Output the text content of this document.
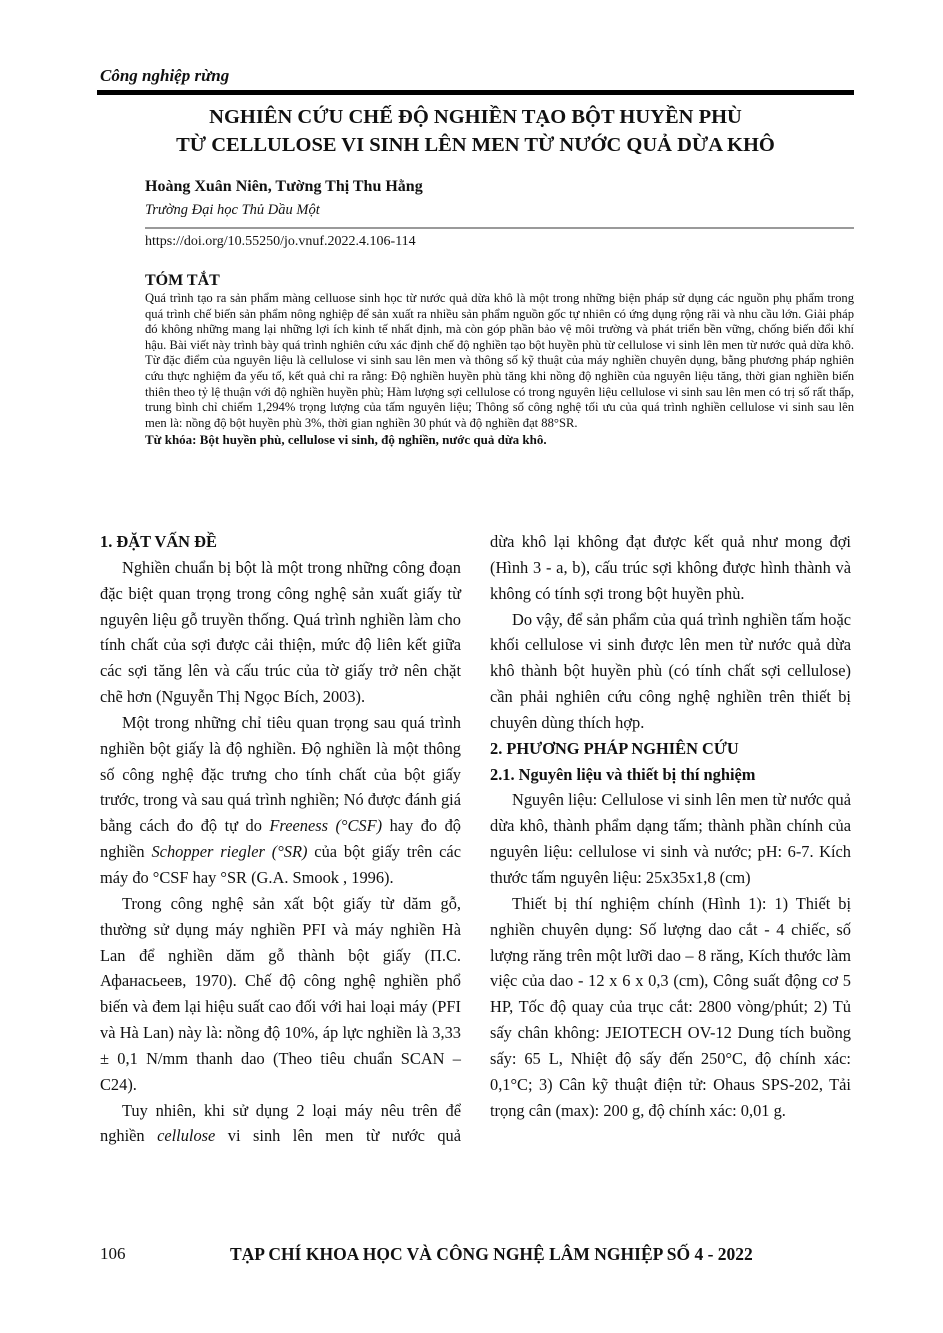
Công nghiệp rừng
NGHIÊN CỨU CHẾ ĐỘ NGHIỀN TẠO BỘT HUYỀN PHÙ
TỪ CELLULOSE VI SINH LÊN MEN TỪ NƯỚC QUẢ DỪA KHÔ
Hoàng Xuân Niên, Tường Thị Thu Hằng
Trường Đại học Thủ Dầu Một
https://doi.org/10.55250/jo.vnuf.2022.4.106-114
TÓM TẮT
Quá trình tạo ra sản phẩm màng celluose sinh học từ nước quả dừa khô là một trong những biện pháp sử dụng các nguồn phụ phẩm trong quá trình chế biến sản phẩm nông nghiệp để sản xuất ra nhiều sản phẩm nguồn gốc tự nhiên có ứng dụng rộng rãi và nhu cầu lớn. Giải pháp đó không những mang lại những lợi ích kinh tế nhất định, mà còn góp phần bảo vệ môi trường và phát triển bền vững, chống biến đổi khí hậu. Bài viết này trình bày quá trình nghiên cứu xác định chế độ nghiền tạo bột huyền phù từ cellulose vi sinh lên men từ nước quả dừa khô. Từ đặc điểm của nguyên liệu là cellulose vi sinh sau lên men và thông số kỹ thuật của máy nghiền chuyên dụng, bằng phương pháp nghiên cứu thực nghiệm đa yếu tố, kết quả chỉ ra rằng: Độ nghiền huyền phù tăng khi nồng độ nghiền của nguyên liệu tăng, thời gian nghiền biến thiên theo tỷ lệ thuận với độ nghiền huyền phù; Hàm lượng sợi cellulose có trong nguyên liệu cellulose vi sinh sau lên men có trị số rất thấp, trung bình chỉ chiếm 1,294% trọng lượng của tấm nguyên liệu; Thông số công nghệ tối ưu của quá trình nghiền cellulose vi sinh sau lên men là: nồng độ bột huyền phù 3%, thời gian nghiền 30 phút và độ nghiền đạt 88°SR.
Từ khóa: Bột huyền phù, cellulose vi sinh, độ nghiền, nước quả dừa khô.
1. ĐẶT VẤN ĐỀ

Nghiền chuẩn bị bột là một trong những công đoạn đặc biệt quan trọng trong công nghệ sản xuất giấy từ nguyên liệu gỗ truyền thống. Quá trình nghiền làm cho tính chất của sợi được cải thiện, mức độ liên kết giữa các sợi tăng lên và cấu trúc của tờ giấy trở nên chặt chẽ hơn (Nguyễn Thị Ngọc Bích, 2003).

Một trong những chỉ tiêu quan trọng sau quá trình nghiền bột giấy là độ nghiền. Độ nghiền là một thông số công nghệ đặc trưng cho tính chất của bột giấy trước, trong và sau quá trình nghiền; Nó được đánh giá bằng cách đo độ tự do Freeness (°CSF) hay đo độ nghiền Schopper riegler (°SR) của bột giấy trên các máy đo °CSF hay °SR (G.A. Smook , 1996).

Trong công nghệ sản xất bột giấy từ dăm gỗ, thường sử dụng máy nghiền PFI và máy nghiền Hà Lan để nghiền dăm gỗ thành bột giấy (П.С. Афанасьеев, 1970). Chế độ công nghệ nghiền phổ biến và đem lại hiệu suất cao đối với hai loại máy (PFI và Hà Lan) này là: nồng độ 10%, áp lực nghiền là 3,33 ± 0,1 N/mm thanh dao (Theo tiêu chuẩn SCAN – C24).

Tuy nhiên, khi sử dụng 2 loại máy nêu trên để nghiền cellulose vi sinh lên men từ nước quả

dừa khô lại không đạt được kết quả như mong đợi (Hình 3 - a, b), cấu trúc sợi không được hình thành và không có tính sợi trong bột huyền phù.

Do vậy, để sản phẩm của quá trình nghiền tấm hoặc khối cellulose vi sinh được lên men từ nước quả dừa khô thành bột huyền phù (có tính chất sợi cellulose) cần phải nghiên cứu công nghệ nghiền trên thiết bị chuyên dùng thích hợp.

2. PHƯƠNG PHÁP NGHIÊN CỨU
2.1. Nguyên liệu và thiết bị thí nghiệm

Nguyên liệu: Cellulose vi sinh lên men từ nước quả dừa khô, thành phẩm dạng tấm; thành phần chính của nguyên liệu: cellulose vi sinh và nước; pH: 6-7. Kích thước tấm nguyên liệu: 25x35x1,8 (cm)

Thiết bị thí nghiệm chính (Hình 1): 1) Thiết bị nghiền chuyên dụng: Số lượng dao cắt - 4 chiếc, số lượng răng trên một lưỡi dao – 8 răng, Kích thước làm việc của dao - 12 x 6 x 0,3 (cm), Công suất động cơ 5 HP, Tốc độ quay của trục cắt: 2800 vòng/phút; 2) Tủ sấy chân không: JEIOTECH OV-12 Dung tích buồng sấy: 65 L, Nhiệt độ sấy đến 250°C, độ chính xác: 0,1°C; 3) Cân kỹ thuật điện tử: Ohaus SPS-202, Tải trọng cân (max): 200 g, độ chính xác: 0,01 g.

106	TẠP CHÍ KHOA HỌC VÀ CÔNG NGHỆ LÂM NGHIỆP SỐ 4 - 2022
